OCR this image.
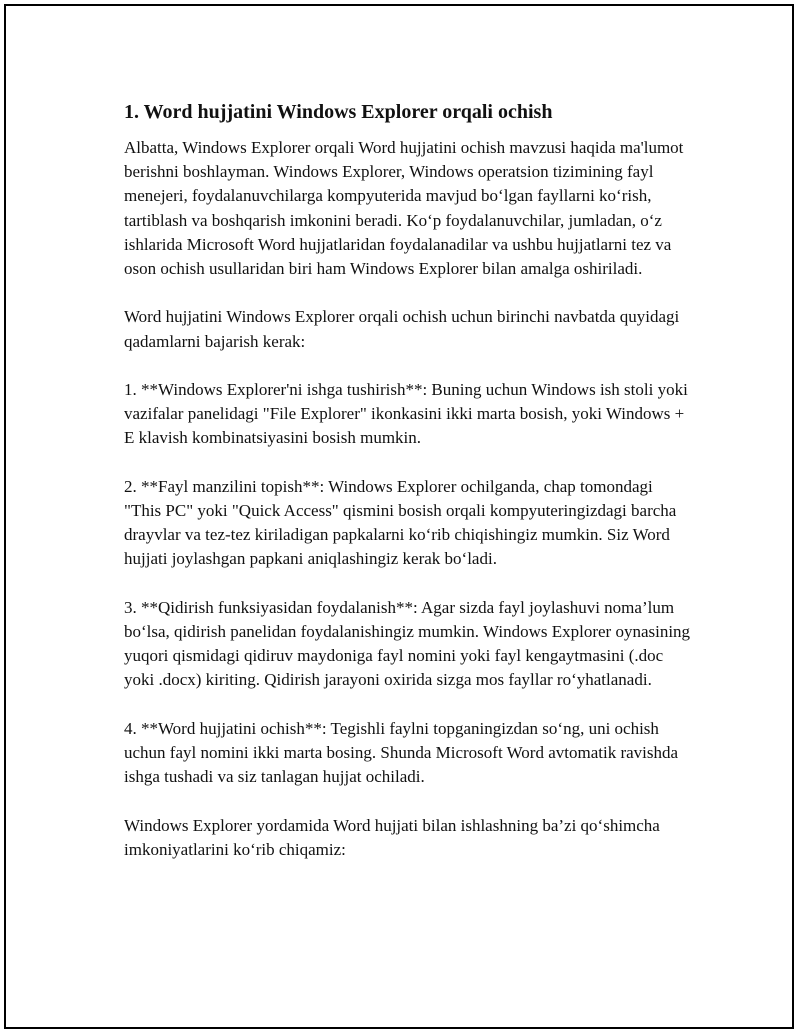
1. Word hujjatini Windows Explorer orqali ochish

Albatta, Windows Explorer orqali Word hujjatini ochish mavzusi haqida ma'lumot berishni boshlayman. Windows Explorer, Windows operatsion tizimining fayl menejeri, foydalanuvchilarga kompyuterida mavjud bo‘lgan fayllarni ko‘rish, tartiblash va boshqarish imkonini beradi. Ko‘p foydalanuvchilar, jumladan, o‘z ishlarida Microsoft Word hujjatlaridan foydalanadilar va ushbu hujjatlarni tez va oson ochish usullaridan biri ham Windows Explorer bilan amalga oshiriladi.

Word hujjatini Windows Explorer orqali ochish uchun birinchi navbatda quyidagi qadamlarni bajarish kerak:

1. **Windows Explorer'ni ishga tushirish**: Buning uchun Windows ish stoli yoki vazifalar panelidagi "File Explorer" ikonkasini ikki marta bosish, yoki Windows + E klavish kombinatsiyasini bosish mumkin.

2. **Fayl manzilini topish**: Windows Explorer ochilganda, chap tomondagi "This PC" yoki "Quick Access" qismini bosish orqali kompyuteringizdagi barcha drayvlar va tez-tez kiriladigan papkalarni ko‘rib chiqishingiz mumkin. Siz Word hujjati joylashgan papkani aniqlashingiz kerak bo‘ladi.

3. **Qidirish funksiyasidan foydalanish**: Agar sizda fayl joylashuvi noma’lum bo‘lsa, qidirish panelidan foydalanishingiz mumkin. Windows Explorer oynasining yuqori qismidagi qidiruv maydoniga fayl nomini yoki fayl kengaytmasini (.doc yoki .docx) kiriting. Qidirish jarayoni oxirida sizga mos fayllar ro‘yhatlanadi.

4. **Word hujjatini ochish**: Tegishli faylni topganingizdan so‘ng, uni ochish uchun fayl nomini ikki marta bosing. Shunda Microsoft Word avtomatik ravishda ishga tushadi va siz tanlagan hujjat ochiladi.

Windows Explorer yordamida Word hujjati bilan ishlashning ba’zi qo‘shimcha imkoniyatlarini ko‘rib chiqamiz:
